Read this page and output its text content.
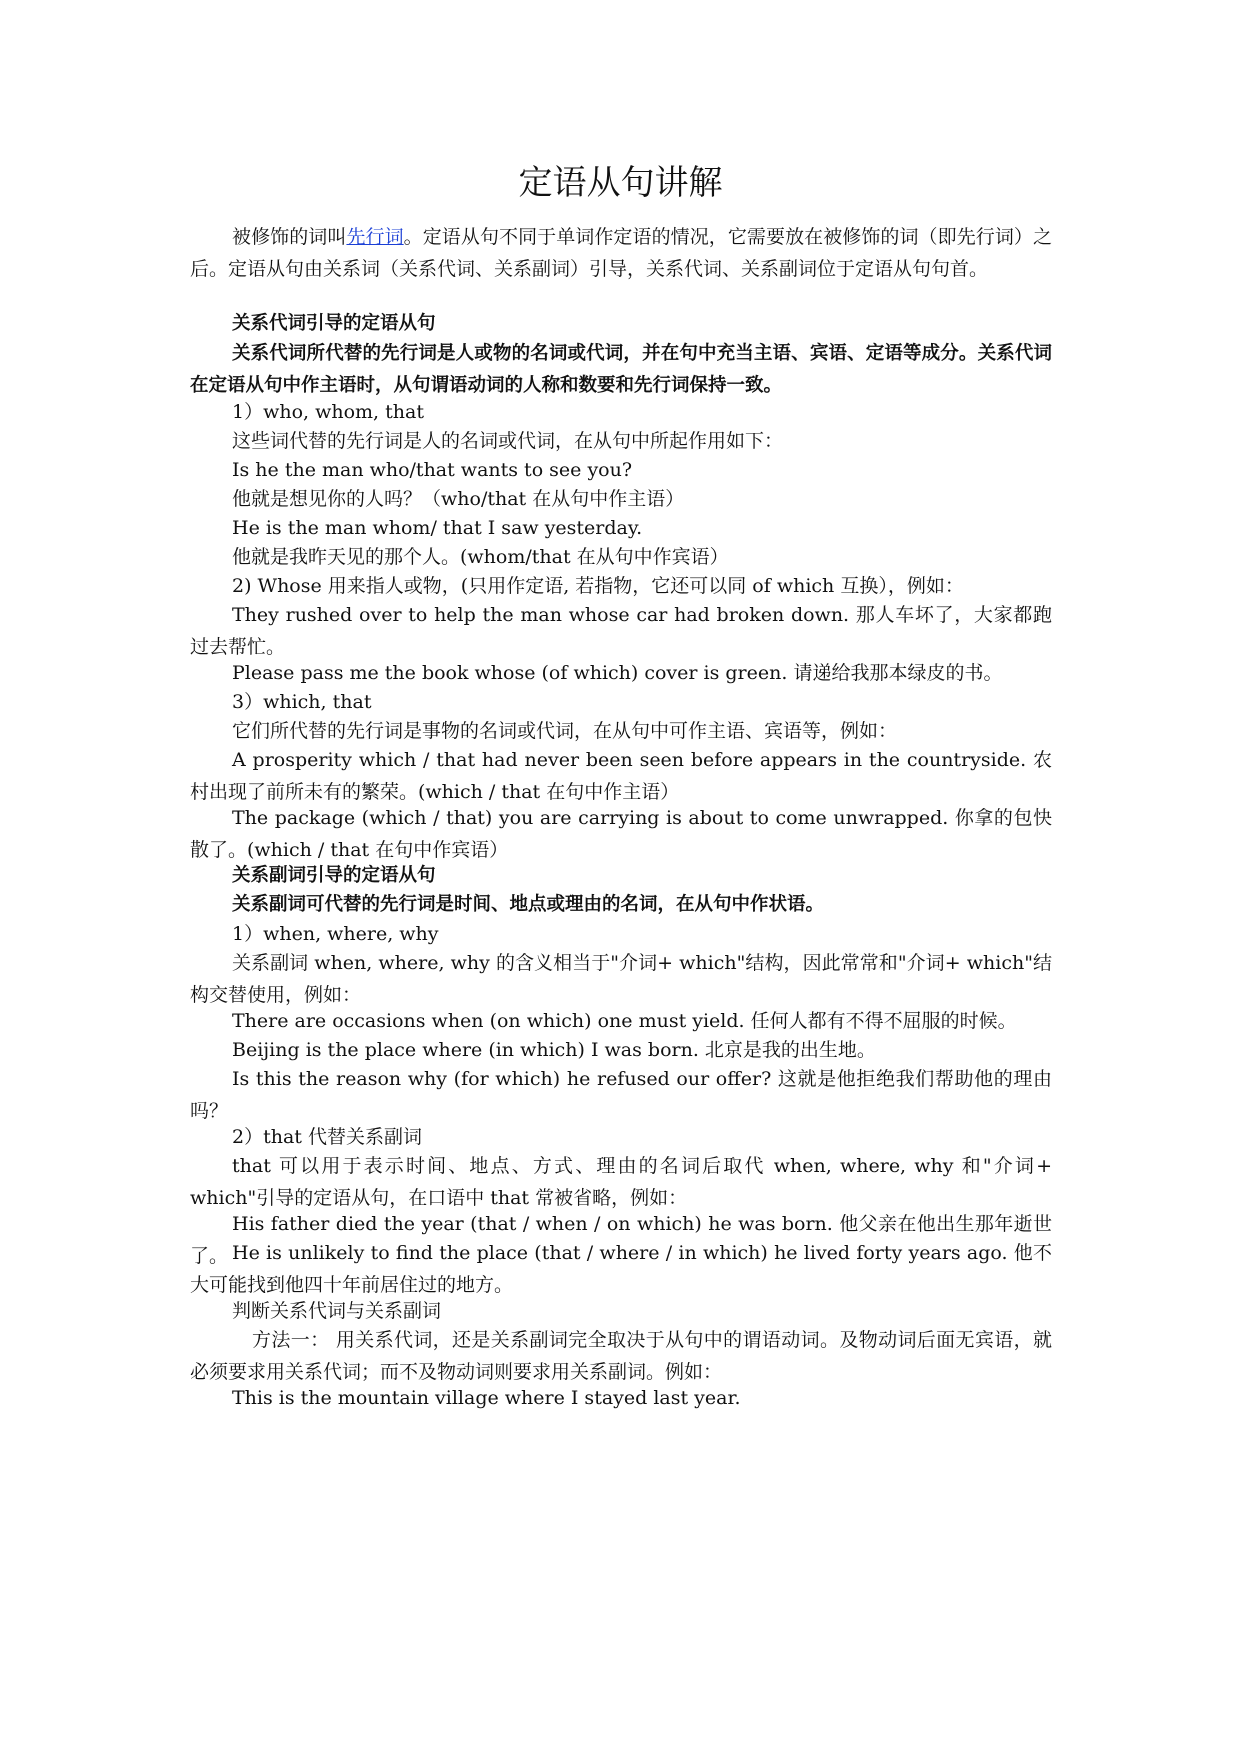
定语从句讲解
被修饰的词叫先行词。定语从句不同于单词作定语的情况，它需要放在被修饰的词（即先行词）之后。定语从句由关系词（关系代词、关系副词）引导，关系代词、关系副词位于定语从句句首。
关系代词引导的定语从句
关系代词所代替的先行词是人或物的名词或代词，并在句中充当主语、宾语、定语等成分。关系代词在定语从句中作主语时，从句谓语动词的人称和数要和先行词保持一致。
1）who, whom, that
这些词代替的先行词是人的名词或代词，在从句中所起作用如下：
Is he the man who/that wants to see you?
他就是想见你的人吗？（who/that 在从句中作主语）
He is the man whom/ that I saw yesterday.
他就是我昨天见的那个人。(whom/that 在从句中作宾语）
2) Whose 用来指人或物，(只用作定语, 若指物，它还可以同 of which 互换），例如：
They rushed over to help the man whose car had broken down. 那人车坏了，大家都跑过去帮忙。
Please pass me the book whose (of which) cover is green. 请递给我那本绿皮的书。
3）which, that
它们所代替的先行词是事物的名词或代词，在从句中可作主语、宾语等，例如：
A prosperity which / that had never been seen before appears in the countryside. 农村出现了前所未有的繁荣。(which / that 在句中作主语）
The package (which / that) you are carrying is about to come unwrapped. 你拿的包快散了。(which / that 在句中作宾语）
关系副词引导的定语从句
关系副词可代替的先行词是时间、地点或理由的名词，在从句中作状语。
1）when, where, why
关系副词 when, where, why 的含义相当于"介词+ which"结构，因此常常和"介词+ which"结构交替使用，例如：
There are occasions when (on which) one must yield. 任何人都有不得不屈服的时候。
Beijing is the place where (in which) I was born. 北京是我的出生地。
Is this the reason why (for which) he refused our offer? 这就是他拒绝我们帮助他的理由吗？
2）that 代替关系副词
that 可以用于表示时间、地点、方式、理由的名词后取代 when, where, why 和"介词+ which"引导的定语从句，在口语中 that 常被省略，例如：
His father died the year (that / when / on which) he was born. 他父亲在他出生那年逝世了。 He is unlikely to find the place (that / where / in which) he lived forty years ago. 他不大可能找到他四十年前居住过的地方。
判断关系代词与关系副词
方法一： 用关系代词，还是关系副词完全取决于从句中的谓语动词。及物动词后面无宾语，就必须要求用关系代词；而不及物动词则要求用关系副词。例如：
This is the mountain village where I stayed last year.
